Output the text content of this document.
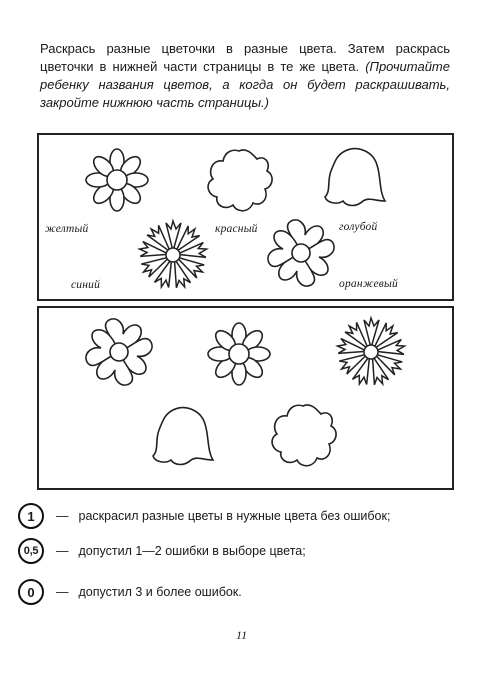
Раскрась разные цветочки в разные цвета. Затем раскрась цветочки в нижней части страницы в те же цвета. (Прочитайте ребенку названия цветов, а когда он будет раскрашивать, закройте нижнюю часть страницы.)
желтый	красный	голубой
синий	оранжевый
1	— раскрасил разные цветы в нужные цвета без ошибок;
0,5	— допустил 1—2 ошибки в выборе цвета;
0	— допустил 3 и более ошибок.
11
